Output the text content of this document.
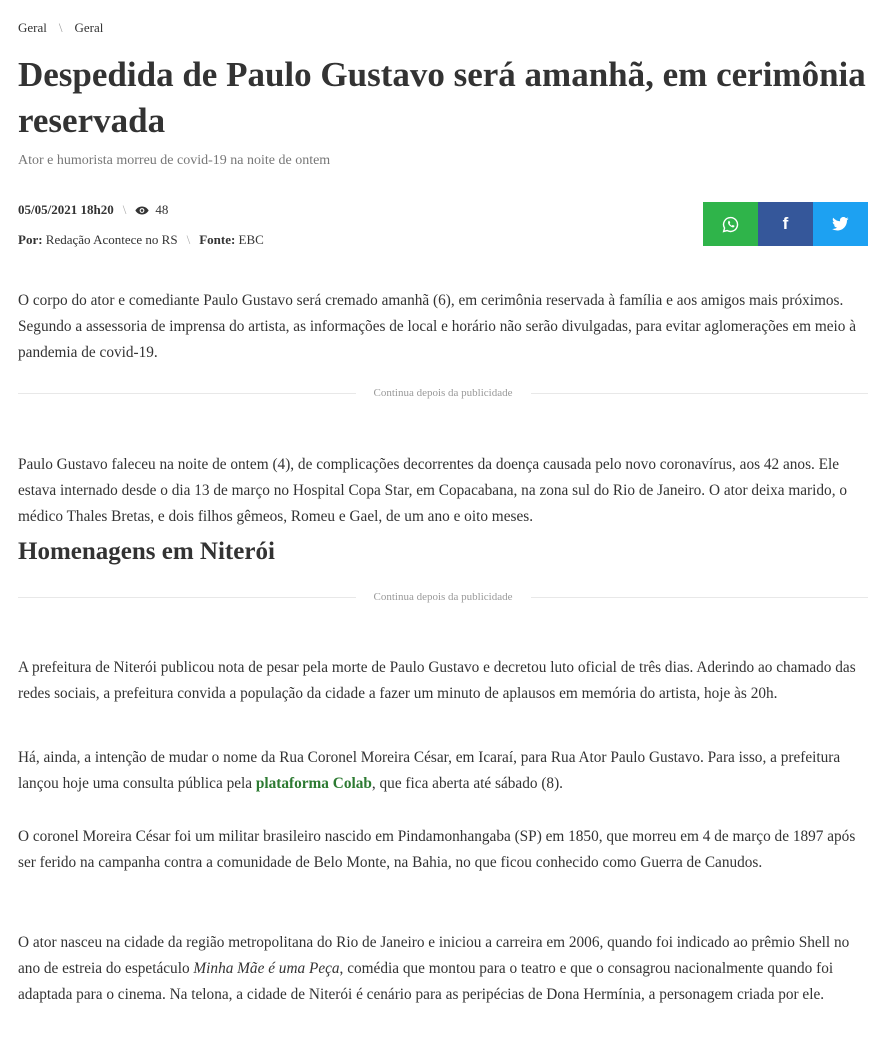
Geral \ Geral
Despedida de Paulo Gustavo será amanhã, em cerimônia reservada
Ator e humorista morreu de covid-19 na noite de ontem
05/05/2021 18h20 \ 48
Por:
Redação Acontece no RS \ Fonte:
EBC
f

O corpo do ator e comediante Paulo Gustavo será cremado amanhã (6), em cerimônia reservada à família e aos amigos mais próximos. Segundo a assessoria de imprensa do artista, as informações de local e horário não serão divulgadas, para evitar aglomerações em meio à pandemia de covid-19.

Continua depois da publicidade

Paulo Gustavo faleceu na noite de ontem (4), de complicações decorrentes da doença causada pelo novo coronavírus, aos 42 anos. Ele estava internado desde o dia 13 de março no Hospital Copa Star, em Copacabana, na zona sul do Rio de Janeiro. O ator deixa marido, o médico Thales Bretas, e dois filhos gêmeos, Romeu e Gael, de um ano e oito meses.

Homenagens em Niterói
Continua depois da publicidade

A prefeitura de Niterói publicou nota de pesar pela morte de Paulo Gustavo e decretou luto oficial de três dias. Aderindo ao chamado das redes sociais, a prefeitura convida a população da cidade a fazer um minuto de aplausos em memória do artista, hoje às 20h.

Há, ainda, a intenção de mudar o nome da Rua Coronel Moreira César, em Icaraí, para Rua Ator Paulo Gustavo. Para isso, a prefeitura lançou hoje uma consulta pública pela plataforma Colab, que fica aberta até sábado (8).

O coronel Moreira César foi um militar brasileiro nascido em Pindamonhangaba (SP) em 1850, que morreu em 4 de março de 1897 após ser ferido na campanha contra a comunidade de Belo Monte, na Bahia, no que ficou conhecido como Guerra de Canudos.

O ator nasceu na cidade da região metropolitana do Rio de Janeiro e iniciou a carreira em 2006, quando foi indicado ao prêmio Shell no ano de estreia do espetáculo Minha Mãe é uma Peça, comédia que montou para o teatro e que o consagrou nacionalmente quando foi adaptada para o cinema. Na telona, a cidade de Niterói é cenário para as peripécias de Dona Hermínia, a personagem criada por ele.
